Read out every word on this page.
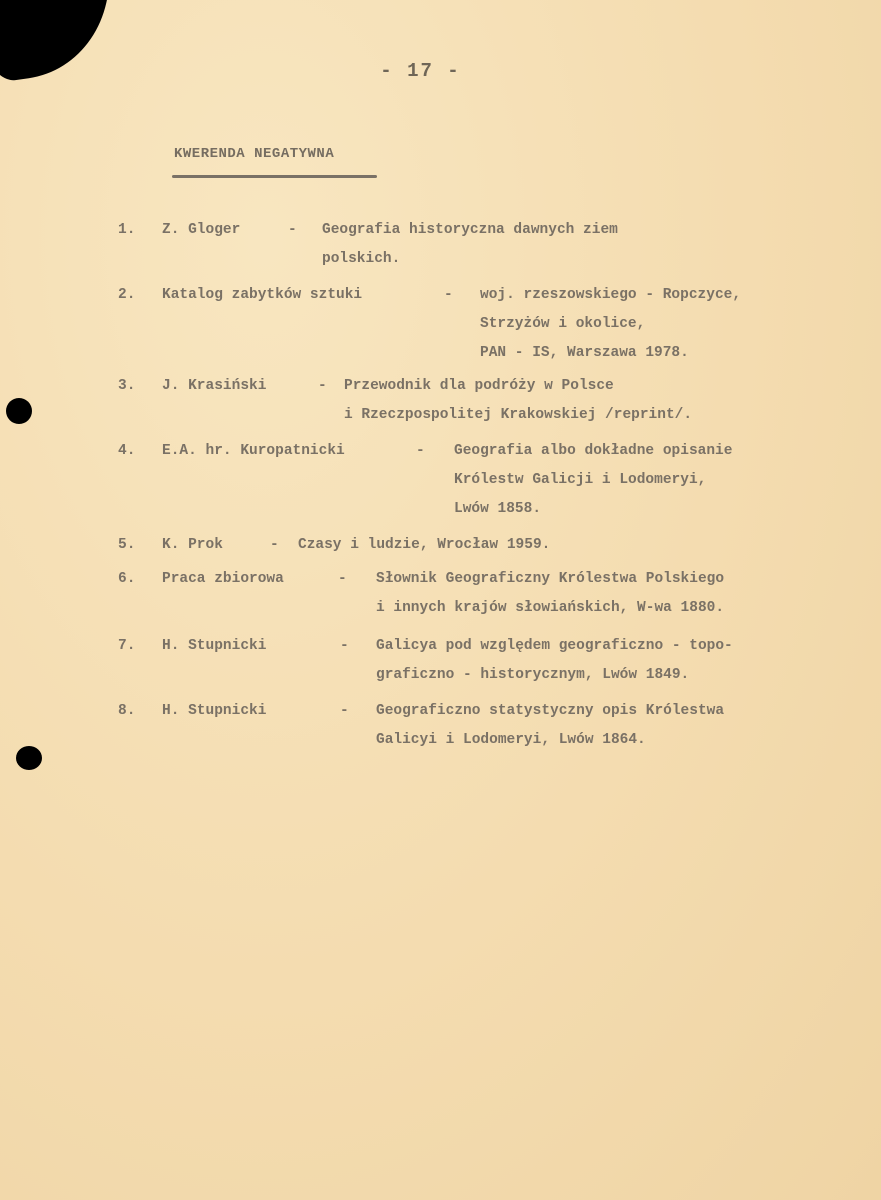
- 17 -
KWERENDA NEGATYWNA
1. Z. Gloger	- Geografia historyczna dawnych ziem
polskich.
2. Katalog zabytków sztuki	- woj. rzeszowskiego - Ropczyce,
Strzyżów i okolice,
PAN - IS, Warszawa 1978.
3. J. Krasiński	- Przewodnik dla podróży w Polsce
i Rzeczpospolitej Krakowskiej /reprint/.
4. E.A. hr. Kuropatnicki	- Geografia albo dokładne opisanie
Królestw Galicji i Lodomeryi,
Lwów 1858.
5. K. Prok	- Czasy i ludzie, Wrocław 1959.
6. Praca zbiorowa	- Słownik Geograficzny Królestwa Polskiego
i innych krajów słowiańskich, W-wa 1880.
7. H. Stupnicki	- Galicya pod względem geograficzno - topo-
graficzno - historycznym, Lwów 1849.
8. H. Stupnicki	- Geograficzno statystyczny opis Królestwa
Galicyi i Lodomeryi, Lwów 1864.
